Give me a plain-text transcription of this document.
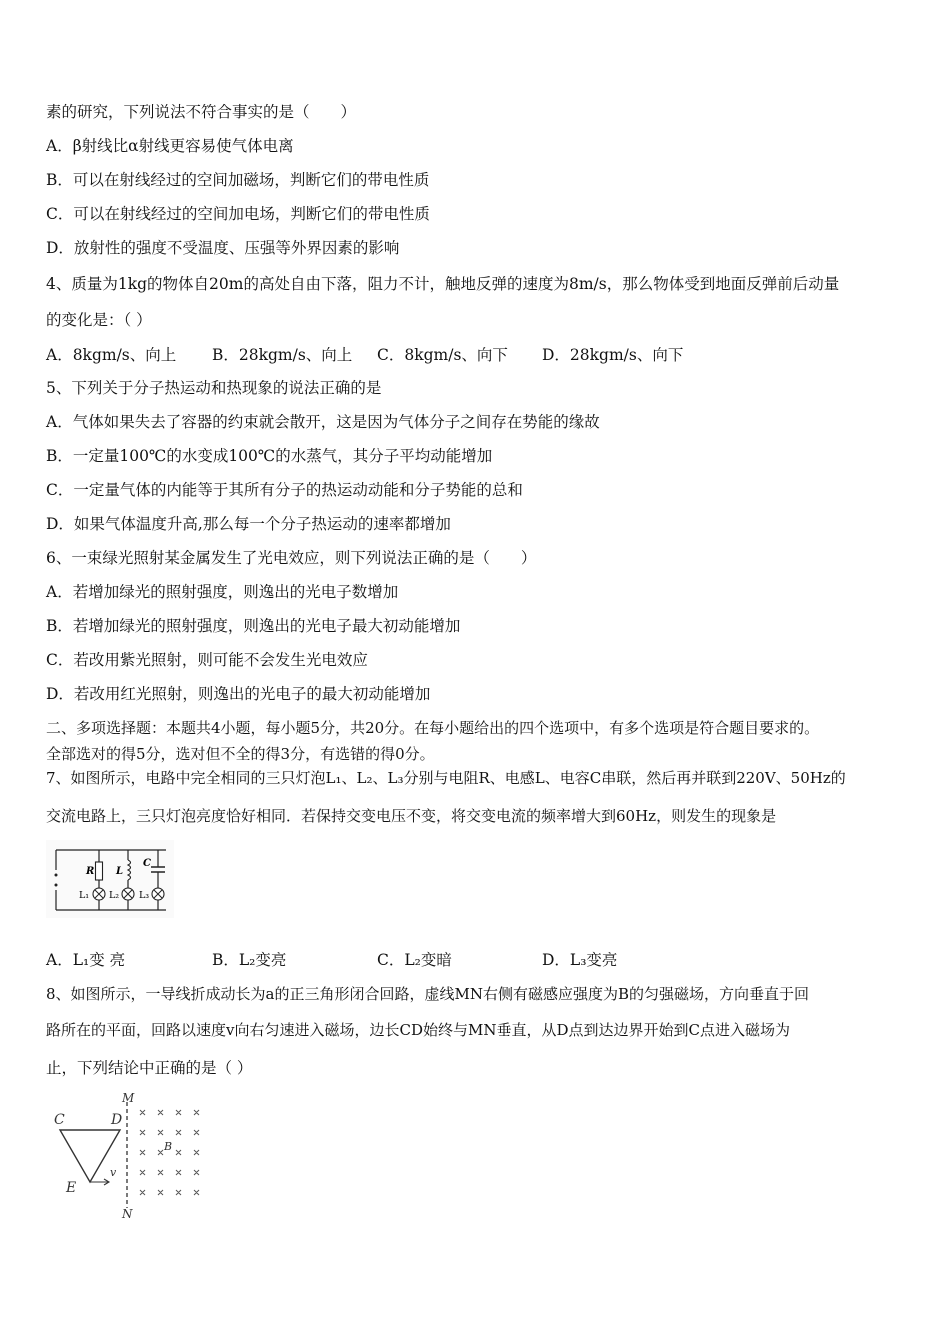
素的研究，下列说法不符合事实的是（　　）
A．β射线比α射线更容易使气体电离
B．可以在射线经过的空间加磁场，判断它们的带电性质
C．可以在射线经过的空间加电场，判断它们的带电性质
D．放射性的强度不受温度、压强等外界因素的影响
4、质量为1kg的物体自20m的高处自由下落，阻力不计，触地反弹的速度为8m/s，那么物体受到地面反弹前后动量
的变化是：（ ）
A．8kgm/s、向上 B．28kgm/s、向上 C．8kgm/s、向下 D．28kgm/s、向下
5、下列关于分子热运动和热现象的说法正确的是
A．气体如果失去了容器的约束就会散开，这是因为气体分子之间存在势能的缘故
B．一定量100℃的水变成100℃的水蒸气，其分子平均动能增加
C．一定量气体的内能等于其所有分子的热运动动能和分子势能的总和
D．如果气体温度升高,那么每一个分子热运动的速率都增加
6、一束绿光照射某金属发生了光电效应，则下列说法正确的是（　　）
A．若增加绿光的照射强度，则逸出的光电子数增加
B．若增加绿光的照射强度，则逸出的光电子最大初动能增加
C．若改用紫光照射，则可能不会发生光电效应
D．若改用红光照射，则逸出的光电子的最大初动能增加
二、多项选择题：本题共4小题，每小题5分，共20分。在每小题给出的四个选项中，有多个选项是符合题目要求的。
全部选对的得5分，选对但不全的得3分，有选错的得0分。
7、如图所示，电路中完全相同的三只灯泡L₁、L₂、L₃分别与电阻R、电感L、电容C串联，然后再并联到220V、50Hz的
交流电路上，三只灯泡亮度恰好相同．若保持交变电压不变，将交变电流的频率增大到60Hz，则发生的现象是
R L
C
L₁ L₂ L₃
A．L₁变 亮	B．L₂变亮	C．L₂变暗	D．L₃变亮
8、如图所示，一导线折成动长为a的正三角形闭合回路，虚线MN右侧有磁感应强度为B的匀强磁场，方向垂直于回
路所在的平面，回路以速度v向右匀速进入磁场，边长CD始终与MN垂直，从D点到达边界开始到C点进入磁场为
止，下列结论中正确的是（ ）
C	D
E
M
N
B
v
